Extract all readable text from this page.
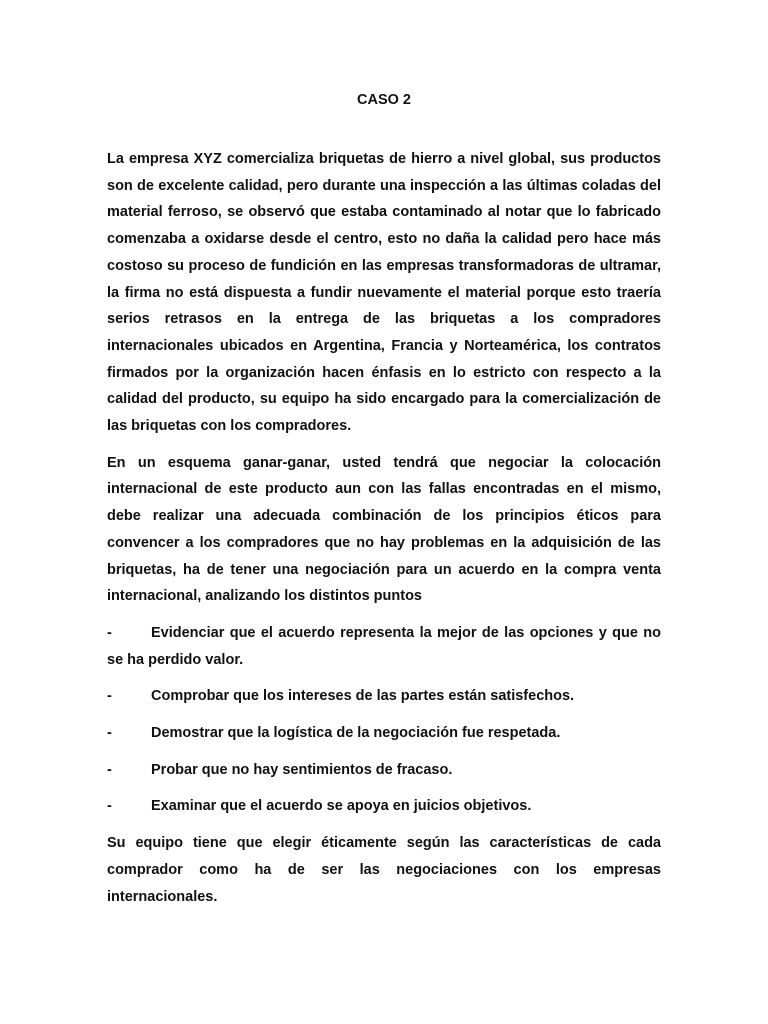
CASO 2

La empresa XYZ comercializa briquetas de hierro a nivel global, sus productos son de excelente calidad, pero durante una inspección a las últimas coladas del material ferroso, se observó que estaba contaminado al notar que lo fabricado comenzaba a oxidarse desde el centro, esto no daña la calidad pero hace más costoso su proceso de fundición en las empresas transformadoras de ultramar, la firma no está dispuesta a fundir nuevamente el material porque esto traería serios retrasos en la entrega de las briquetas a los compradores internacionales ubicados en Argentina, Francia y Norteamérica, los contratos firmados por la organización hacen énfasis en lo estricto con respecto a la calidad del producto, su equipo ha sido encargado para la comercialización de las briquetas con los compradores.

En un esquema ganar-ganar, usted tendrá que negociar la colocación internacional de este producto aun con las fallas encontradas en el mismo, debe realizar una adecuada combinación de los principios éticos para convencer a los compradores que no hay problemas en la adquisición de las briquetas, ha de tener una negociación para un acuerdo en la compra venta internacional, analizando los distintos puntos

-	Evidenciar que el acuerdo representa la mejor de las opciones y que no se ha perdido valor.

-	Comprobar que los intereses de las partes están satisfechos.

-	Demostrar que la logística de la negociación fue respetada.

-	Probar que no hay sentimientos de fracaso.

-	Examinar que el acuerdo se apoya en juicios objetivos.

Su equipo tiene que elegir éticamente según las características de cada comprador como ha de ser las negociaciones con los empresas internacionales.
